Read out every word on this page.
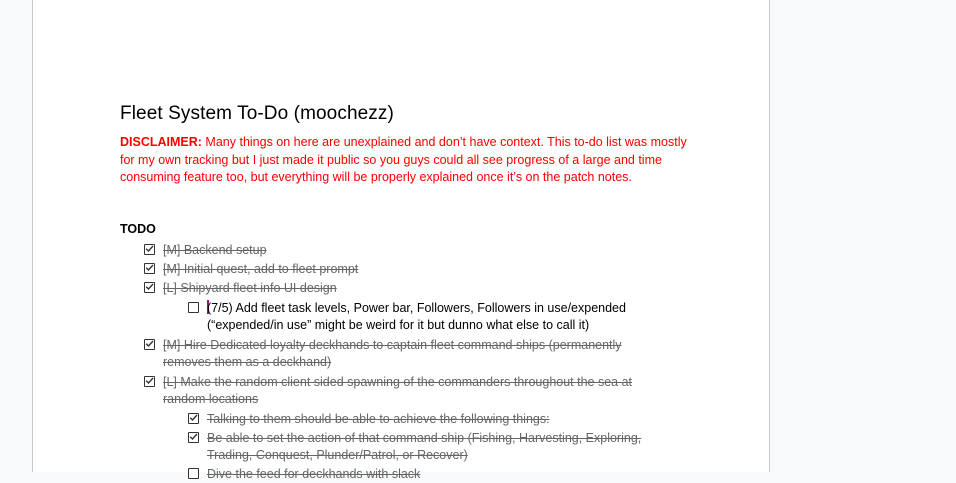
Fleet System To-Do (moochezz)
DISCLAIMER: Many things on here are unexplained and don’t have context. This to-do list was mostly for my own tracking but I just made it public so you guys could all see progress of a large and time consuming feature too, but everything will be properly explained once it’s on the patch notes.
TODO
[M] Backend setup
[M] Initial quest, add to fleet prompt
[L] Shipyard fleet info UI design
(7/5) Add fleet task levels, Power bar, Followers, Followers in use/expended (“expended/in use” might be weird for it but dunno what else to call it)
[M] Hire Dedicated loyalty deckhands to captain fleet command ships (permanently removes them as a deckhand)
[L] Make the random client sided spawning of the commanders throughout the sea at random locations
Talking to them should be able to achieve the following things:
Be able to set the action of that command ship (Fishing, Harvesting, Exploring, Trading, Conquest, Plunder/Patrol, or Recover)
Dive the feed for deckhands with slack
